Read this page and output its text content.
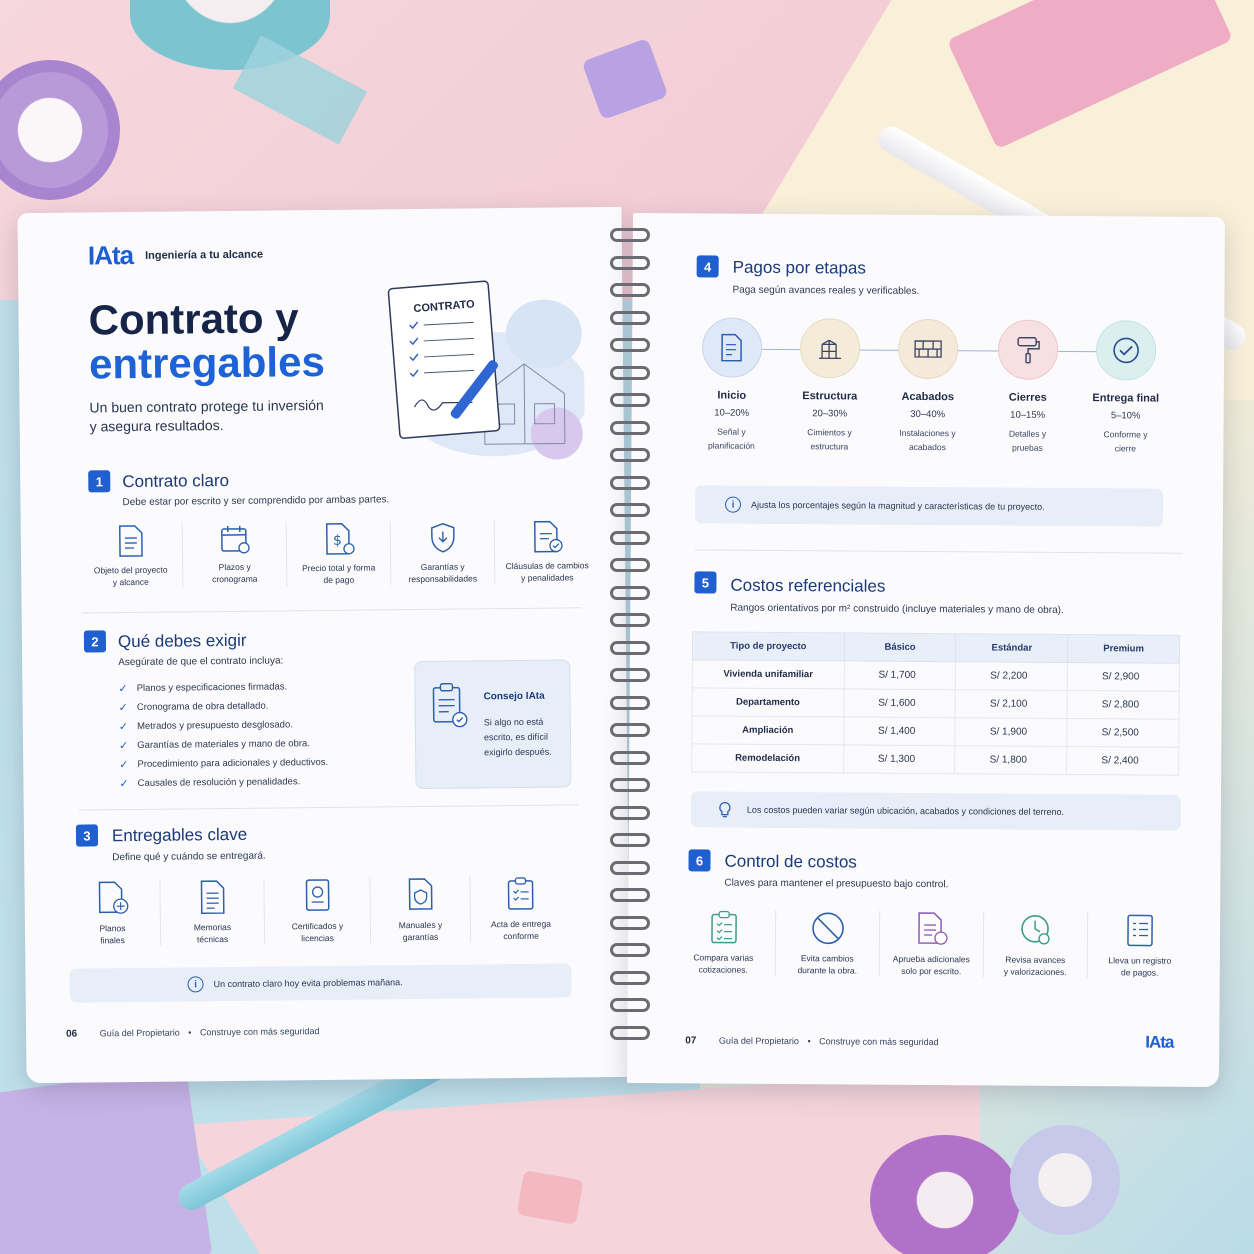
IAta Ingeniería a tu alcance
Contrato y
entregables
Un buen contrato protege tu inversión
y asegura resultados.
CONTRATO
1	Contrato claro
Debe estar por escrito y ser comprendido por ambas partes.
Objeto del proyecto
y alcance
Plazos y
cronograma
$
Precio total y forma
de pago
Garantías y
responsabilidades
Cláusulas de cambios
y penalidades
2	Qué debes exigir
Asegúrate de que el contrato incluya:
✓ Planos y especificaciones firmadas.
✓ Cronograma de obra detallado.
✓ Metrados y presupuesto desglosado.
✓ Garantías de materiales y mano de obra.
✓ Procedimiento para adicionales y deductivos.
✓ Causales de resolución y penalidades.
Consejo IAta
Si algo no está
escrito, es difícil
exigirlo después.
3	Entregables clave
Define qué y cuándo se entregará.
Planos
finales
Memorias
técnicas
Certificados y
licencias
Manuales y
garantías
Acta de entrega
conforme
i	Un contrato claro hoy evita problemas mañana.
06 Guía del Propietario • Construye con más seguridad
4	Pagos por etapas
Paga según avances reales y verificables.
Inicio
10–20%
Señal y
planificación
Estructura
20–30%
Cimientos y
estructura
Acabados
30–40%
Instalaciones y
acabados
Cierres
10–15%
Detalles y
pruebas
Entrega final
5–10%
Conforme y
cierre
i	Ajusta los porcentajes según la magnitud y características de tu proyecto.
5	Costos referenciales
Rangos orientativos por m² construido (incluye materiales y mano de obra).
Tipo de proyecto	Básico	Estándar	Premium
Vivienda unifamiliar	S/ 1,700	S/ 2,200	S/ 2,900
Departamento	S/ 1,600	S/ 2,100	S/ 2,800
Ampliación	S/ 1,400	S/ 1,900	S/ 2,500
Remodelación	S/ 1,300	S/ 1,800	S/ 2,400
Los costos pueden variar según ubicación, acabados y condiciones del terreno.
6	Control de costos
Claves para mantener el presupuesto bajo control.
Compara varias
cotizaciones.
Evita cambios
durante la obra.
Aprueba adicionales
solo por escrito.
Revisa avances
y valorizaciones.
Lleva un registro
de pagos.
07 Guía del Propietario • Construye con más seguridad	IAta
